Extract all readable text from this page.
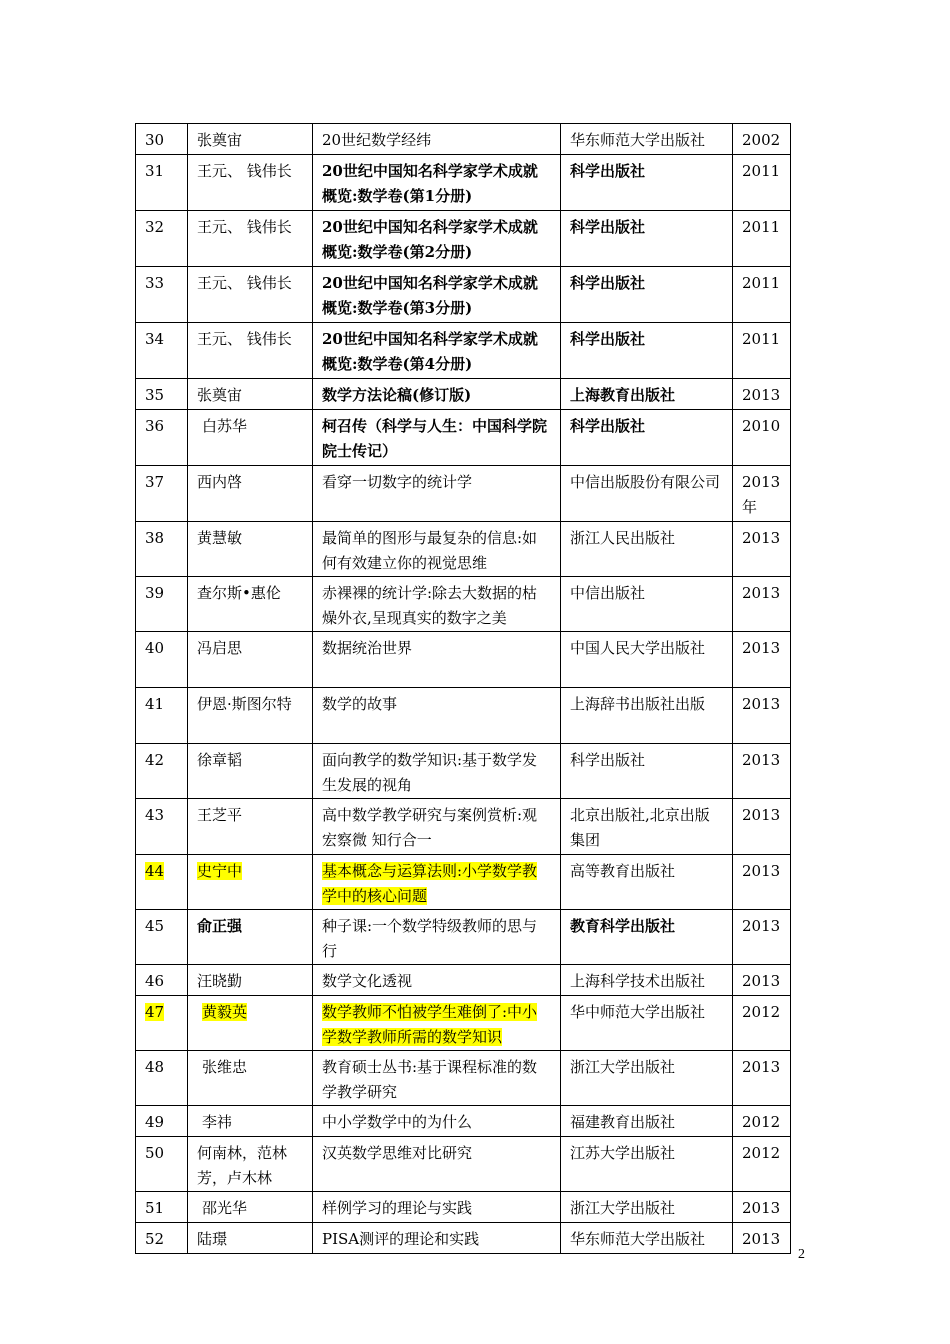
30	张奠宙	20世纪数学经纬	华东师范大学出版社	2002
31	王元、 钱伟长	20世纪中国知名科学家学术成就概览:数学卷(第1分册)	科学出版社	2011
32	王元、 钱伟长	20世纪中国知名科学家学术成就概览:数学卷(第2分册)	科学出版社	2011
33	王元、 钱伟长	20世纪中国知名科学家学术成就概览:数学卷(第3分册)	科学出版社	2011
34	王元、 钱伟长	20世纪中国知名科学家学术成就概览:数学卷(第4分册)	科学出版社	2011
35	张奠宙	数学方法论稿(修订版)	上海教育出版社	2013
36	白苏华	柯召传（科学与人生：中国科学院院士传记）	科学出版社	2010
37	西内啓	看穿一切数字的统计学	中信出版股份有限公司	2013年
38	黄慧敏	最简单的图形与最复杂的信息:如何有效建立你的视觉思维	浙江人民出版社	2013
39	查尔斯•惠伦	赤裸裸的统计学:除去大数据的枯燥外衣,呈现真实的数字之美	中信出版社	2013
40	冯启思	数据统治世界	中国人民大学出版社	2013
41	伊恩·斯图尔特	数学的故事	上海辞书出版社出版	2013
42	徐章韬	面向教学的数学知识:基于数学发生发展的视角	科学出版社	2013
43	王芝平	高中数学教学研究与案例赏析:观宏察微 知行合一	北京出版社,北京出版集团	2013
44	史宁中	基本概念与运算法则:小学数学教学中的核心问题	高等教育出版社	2013
45	俞正强	种子课:一个数学特级教师的思与行	教育科学出版社	2013
46	汪晓勤	数学文化透视	上海科学技术出版社	2013
47	黄毅英	数学教师不怕被学生难倒了:中小学数学教师所需的数学知识	华中师范大学出版社	2012
48	张维忠	教育硕士丛书:基于课程标准的数学教学研究	浙江大学出版社	2013
49	李祎	中小学数学中的为什么	福建教育出版社	2012
50	何南林，范林芳，卢木林	汉英数学思维对比研究	江苏大学出版社	2012
51	邵光华	样例学习的理论与实践	浙江大学出版社	2013
52	陆璟	PISA测评的理论和实践	华东师范大学出版社	2013
2
